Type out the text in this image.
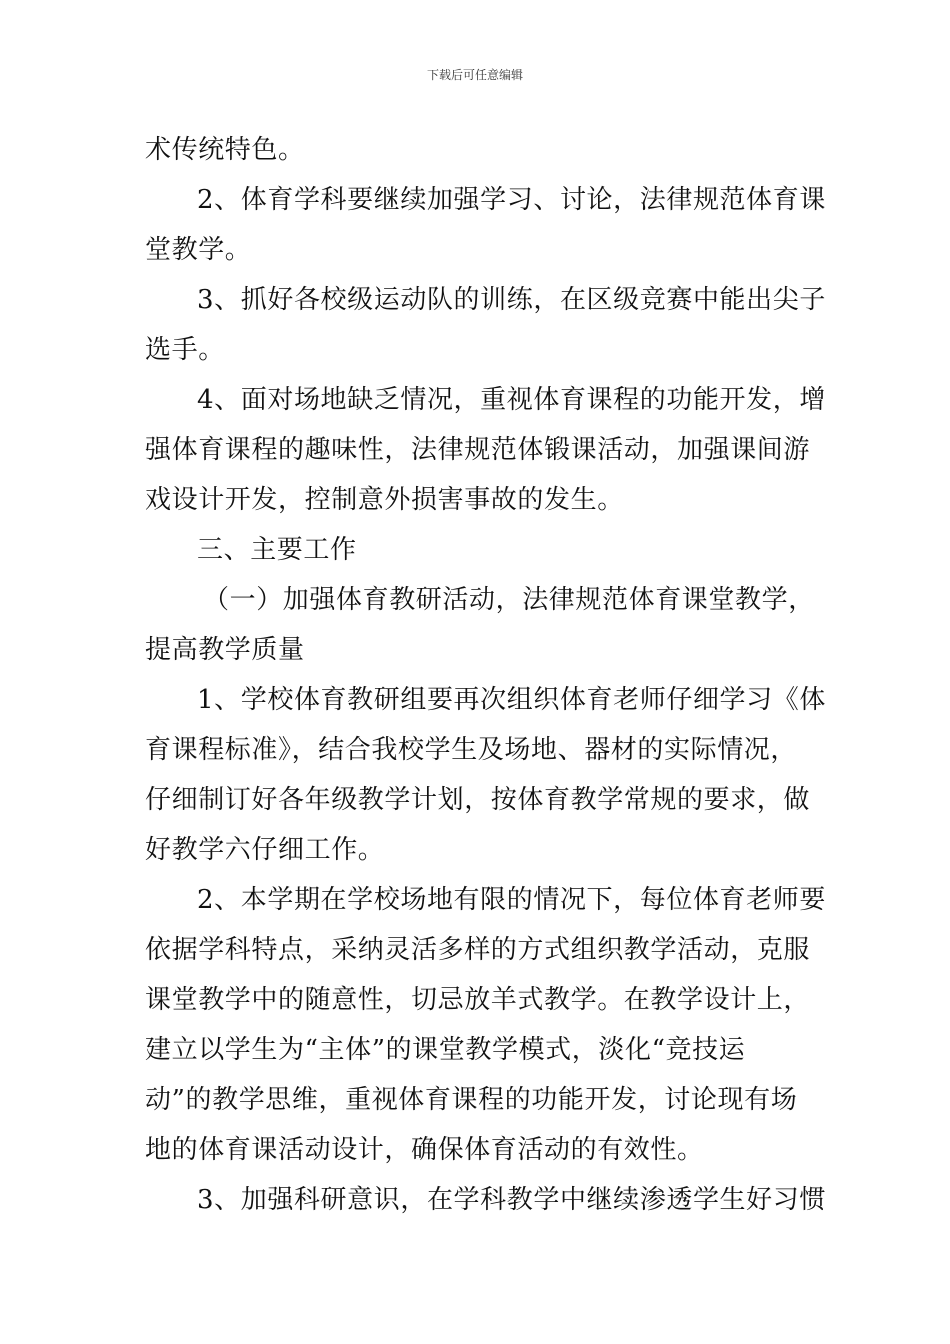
下载后可任意编辑
术传统特色。
2、体育学科要继续加强学习、讨论，法律规范体育课
堂教学。
3、抓好各校级运动队的训练，在区级竞赛中能出尖子
选手。
4、面对场地缺乏情况，重视体育课程的功能开发，增
强体育课程的趣味性，法律规范体锻课活动，加强课间游
戏设计开发，控制意外损害事故的发生。
三、主要工作
（一）加强体育教研活动，法律规范体育课堂教学，
提高教学质量
1、学校体育教研组要再次组织体育老师仔细学习《体
育课程标准》，结合我校学生及场地、器材的实际情况，
仔细制订好各年级教学计划，按体育教学常规的要求，做
好教学六仔细工作。
2、本学期在学校场地有限的情况下，每位体育老师要
依据学科特点，采纳灵活多样的方式组织教学活动，克服
课堂教学中的随意性，切忌放羊式教学。在教学设计上，
建立以学生为“主体”的课堂教学模式，淡化“竞技运
动”的教学思维，重视体育课程的功能开发，讨论现有场
地的体育课活动设计，确保体育活动的有效性。
3、加强科研意识，在学科教学中继续渗透学生好习惯
